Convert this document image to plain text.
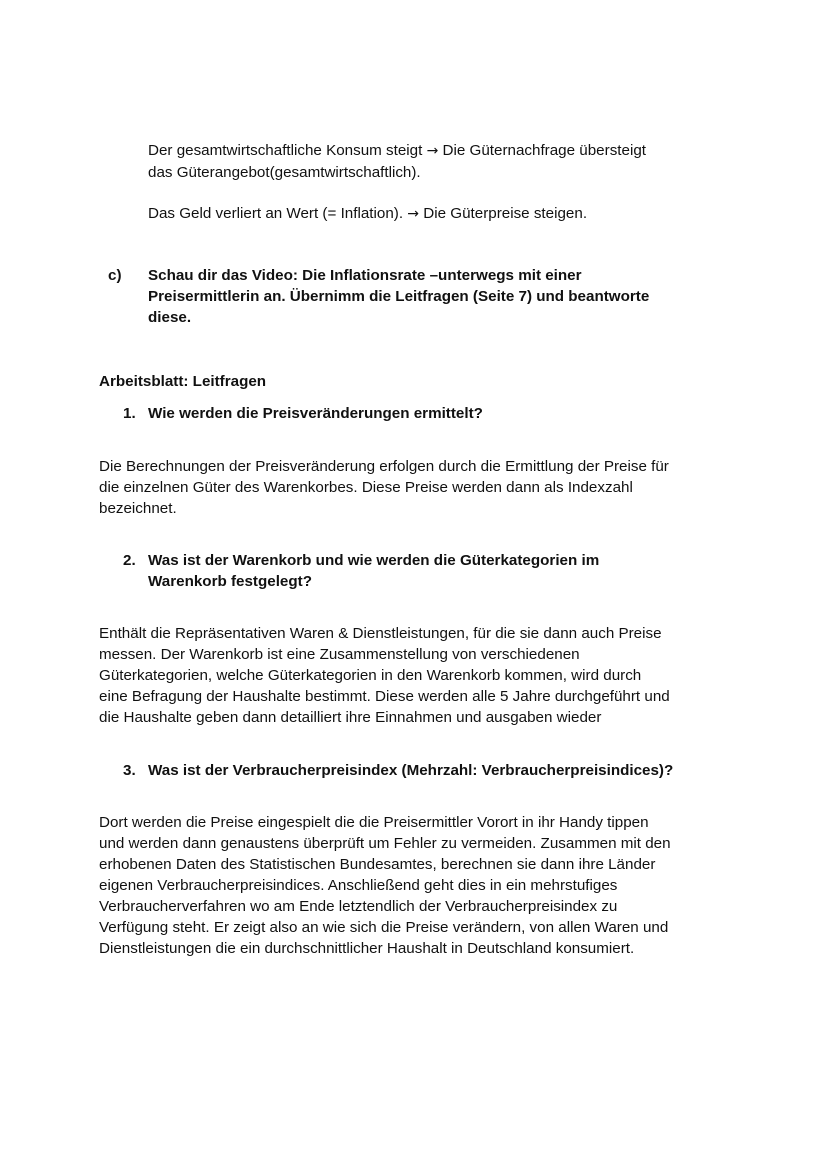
Der gesamtwirtschaftliche Konsum steigt → Die Güternachfrage übersteigt

das Güterangebot(gesamtwirtschaftlich).

Das Geld verliert an Wert (= Inflation). → Die Güterpreise steigen.

c)	Schau dir das Video: Die Inflationsrate –unterwegs mit einer

Preisermittlerin an. Übernimm die Leitfragen (Seite 7) und beantworte

diese.

Arbeitsblatt: Leitfragen
1. Wie werden die Preisveränderungen ermittelt?

Die Berechnungen der Preisveränderung erfolgen durch die Ermittlung der Preise für

die einzelnen Güter des Warenkorbes. Diese Preise werden dann als Indexzahl

bezeichnet.

2. Was ist der Warenkorb und wie werden die Güterkategorien im

Warenkorb festgelegt?

Enthält die Repräsentativen Waren & Dienstleistungen, für die sie dann auch Preise

messen. Der Warenkorb ist eine Zusammenstellung von verschiedenen

Güterkategorien, welche Güterkategorien in den Warenkorb kommen, wird durch

eine Befragung der Haushalte bestimmt. Diese werden alle 5 Jahre durchgeführt und

die Haushalte geben dann detailliert ihre Einnahmen und ausgaben wieder

3. Was ist der Verbraucherpreisindex (Mehrzahl: Verbraucherpreisindices)?

Dort werden die Preise eingespielt die die Preisermittler Vorort in ihr Handy tippen

und werden dann genaustens überprüft um Fehler zu vermeiden. Zusammen mit den

erhobenen Daten des Statistischen Bundesamtes, berechnen sie dann ihre Länder

eigenen Verbraucherpreisindices. Anschließend geht dies in ein mehrstufiges

Verbraucherverfahren wo am Ende letztendlich der Verbraucherpreisindex zu

Verfügung steht. Er zeigt also an wie sich die Preise verändern, von allen Waren und

Dienstleistungen die ein durchschnittlicher Haushalt in Deutschland konsumiert.
